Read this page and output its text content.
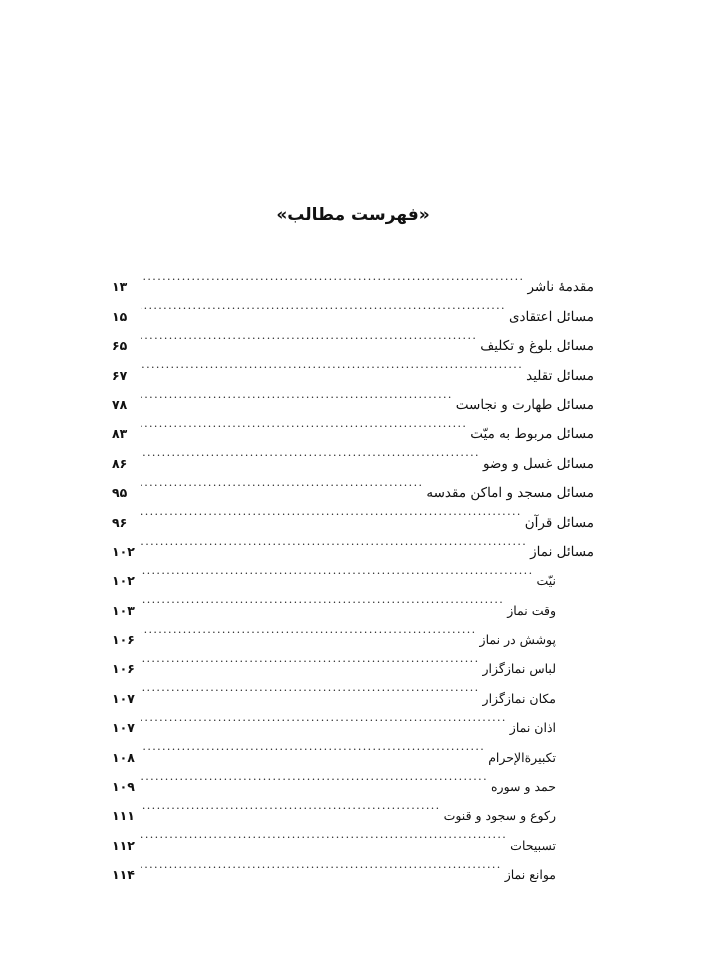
«فهرست مطالب»
مقدمهٔ ناشر
.....
۱۳
مسائل اعتقادی
.....
۱۵
مسائل بلوغ و تکلیف
.....
۶۵
مسائل تقلید
.....
۶۷
مسائل طهارت و نجاست
.....
۷۸
مسائل مربوط به میّت
.....
۸۳
مسائل غسل و وضو
.....
۸۶
مسائل مسجد و اماکن مقدسه
.....
۹۵
مسائل قرآن
.....
۹۶
مسائل نماز
.....
۱۰۲
نیّت
.....
۱۰۲
وقت نماز
.....
۱۰۳
پوشش در نماز
.....
۱۰۶
لباس نمازگزار
.....
۱۰۶
مکان نمازگزار
.....
۱۰۷
اذان نماز
.....
۱۰۷
تکبیرةالإحرام
.....
۱۰۸
حمد و سوره
.....
۱۰۹
رکوع و سجود و قنوت
.....
۱۱۱
تسبیحات
.....
۱۱۲
موانع نماز
.....
۱۱۴
